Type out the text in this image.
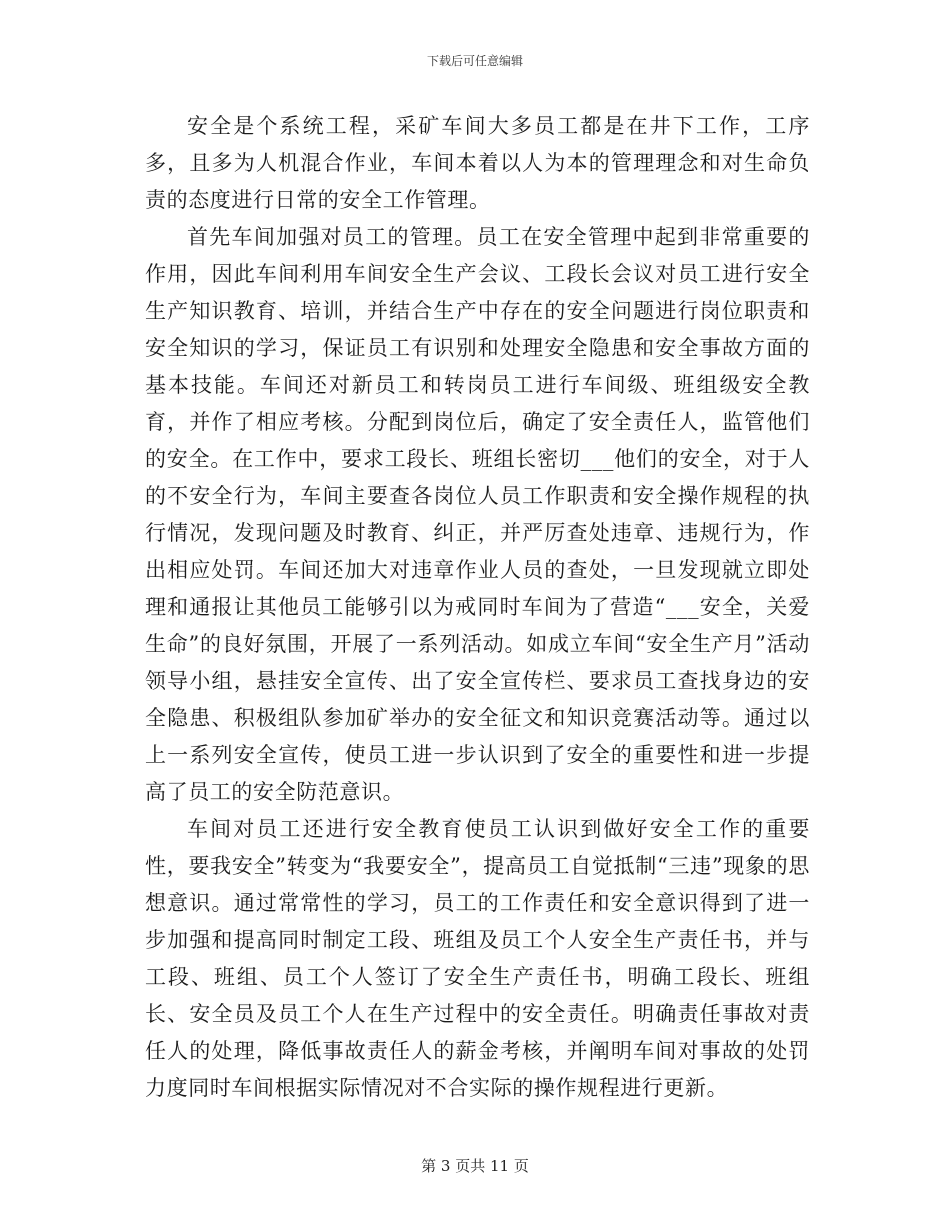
下载后可任意编辑

安全是个系统工程，采矿车间大多员工都是在井下工作，工序多，且多为人机混合作业，车间本着以人为本的管理理念和对生命负责的态度进行日常的安全工作管理。

首先车间加强对员工的管理。员工在安全管理中起到非常重要的作用，因此车间利用车间安全生产会议、工段长会议对员工进行安全生产知识教育、培训，并结合生产中存在的安全问题进行岗位职责和安全知识的学习，保证员工有识别和处理安全隐患和安全事故方面的基本技能。车间还对新员工和转岗员工进行车间级、班组级安全教育，并作了相应考核。分配到岗位后，确定了安全责任人，监管他们的安全。在工作中，要求工段长、班组长密切___他们的安全，对于人的不安全行为，车间主要查各岗位人员工作职责和安全操作规程的执行情况，发现问题及时教育、纠正，并严厉查处违章、违规行为，作出相应处罚。车间还加大对违章作业人员的查处，一旦发现就立即处理和通报让其他员工能够引以为戒同时车间为了营造“___安全，关爱生命”的良好氛围，开展了一系列活动。如成立车间“安全生产月”活动领导小组，悬挂安全宣传、出了安全宣传栏、要求员工查找身边的安全隐患、积极组队参加矿举办的安全征文和知识竞赛活动等。通过以上一系列安全宣传，使员工进一步认识到了安全的重要性和进一步提高了员工的安全防范意识。

车间对员工还进行安全教育使员工认识到做好安全工作的重要性，要我安全”转变为“我要安全”，提高员工自觉抵制“三违”现象的思想意识。通过常常性的学习，员工的工作责任和安全意识得到了进一步加强和提高同时制定工段、班组及员工个人安全生产责任书，并与工段、班组、员工个人签订了安全生产责任书，明确工段长、班组长、安全员及员工个人在生产过程中的安全责任。明确责任事故对责任人的处理，降低事故责任人的薪金考核，并阐明车间对事故的处罚力度同时车间根据实际情况对不合实际的操作规程进行更新。

第 3 页共 11 页
